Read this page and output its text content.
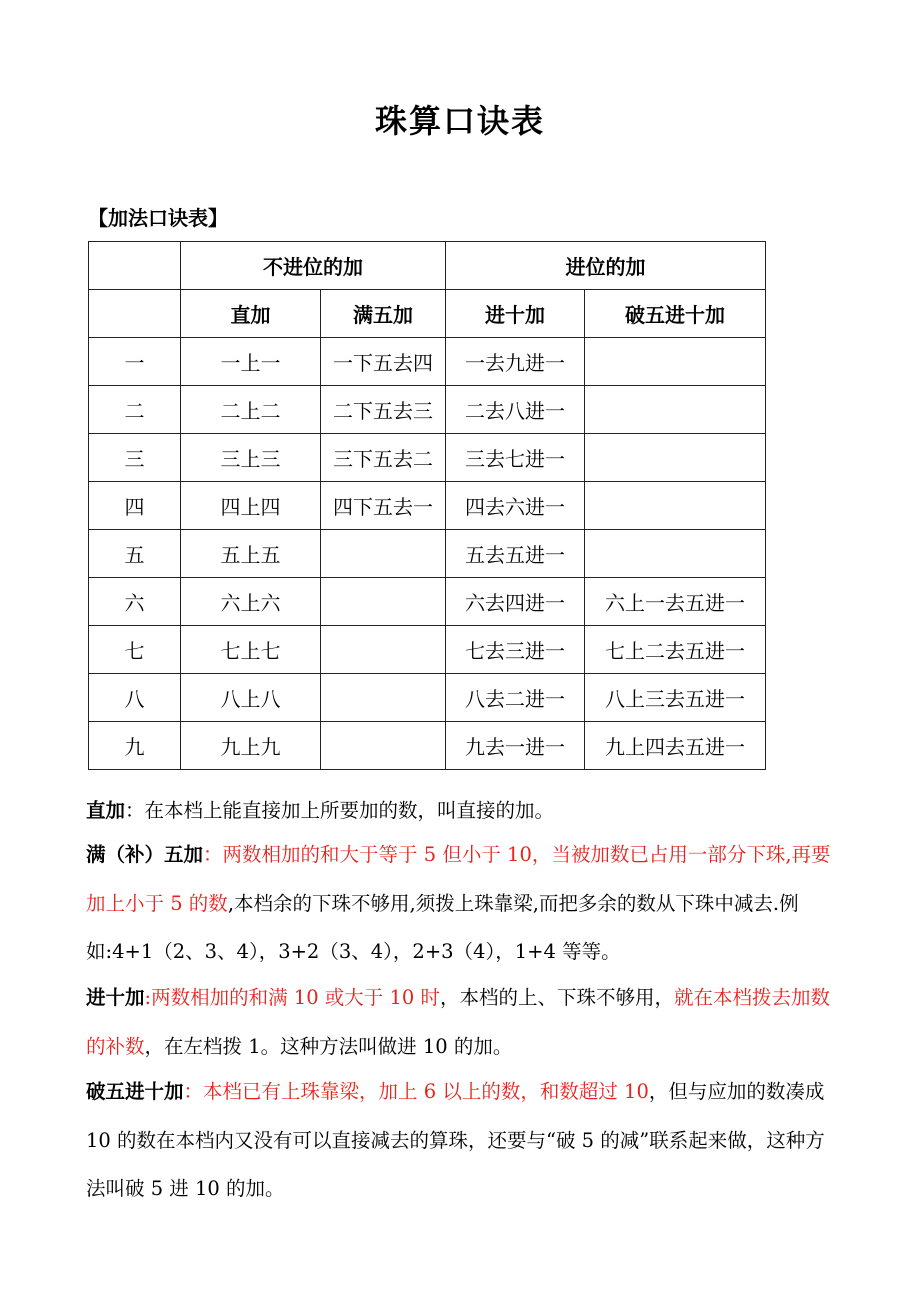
珠算口诀表
【加法口诀表】
	不进位的加		进位的加	
	直加	满五加	进十加	破五进十加
一	一上一	一下五去四	一去九进一	
二	二上二	二下五去三	二去八进一	
三	三上三	三下五去二	三去七进一	
四	四上四	四下五去一	四去六进一	
五	五上五		五去五进一	
六	六上六		六去四进一	六上一去五进一
七	七上七		七去三进一	七上二去五进一
八	八上八		八去二进一	八上三去五进一
九	九上九		九去一进一	九上四去五进一
直加：在本档上能直接加上所要加的数，叫直接的加。
满（补）五加：两数相加的和大于等于 5 但小于 10，当被加数已占用一部分下珠,再要加上小于 5 的数,本档余的下珠不够用,须拨上珠靠梁,而把多余的数从下珠中减去.例如:4+1（2、3、4），3+2（3、4），2+3（4），1+4 等等。
进十加:两数相加的和满 10 或大于 10 时，本档的上、下珠不够用，就在本档拨去加数的补数，在左档拨 1。这种方法叫做进 10 的加。
破五进十加：本档已有上珠靠梁，加上 6 以上的数，和数超过 10，但与应加的数凑成 10 的数在本档内又没有可以直接减去的算珠，还要与“破 5 的减”联系起来做，这种方法叫破 5 进 10 的加。
